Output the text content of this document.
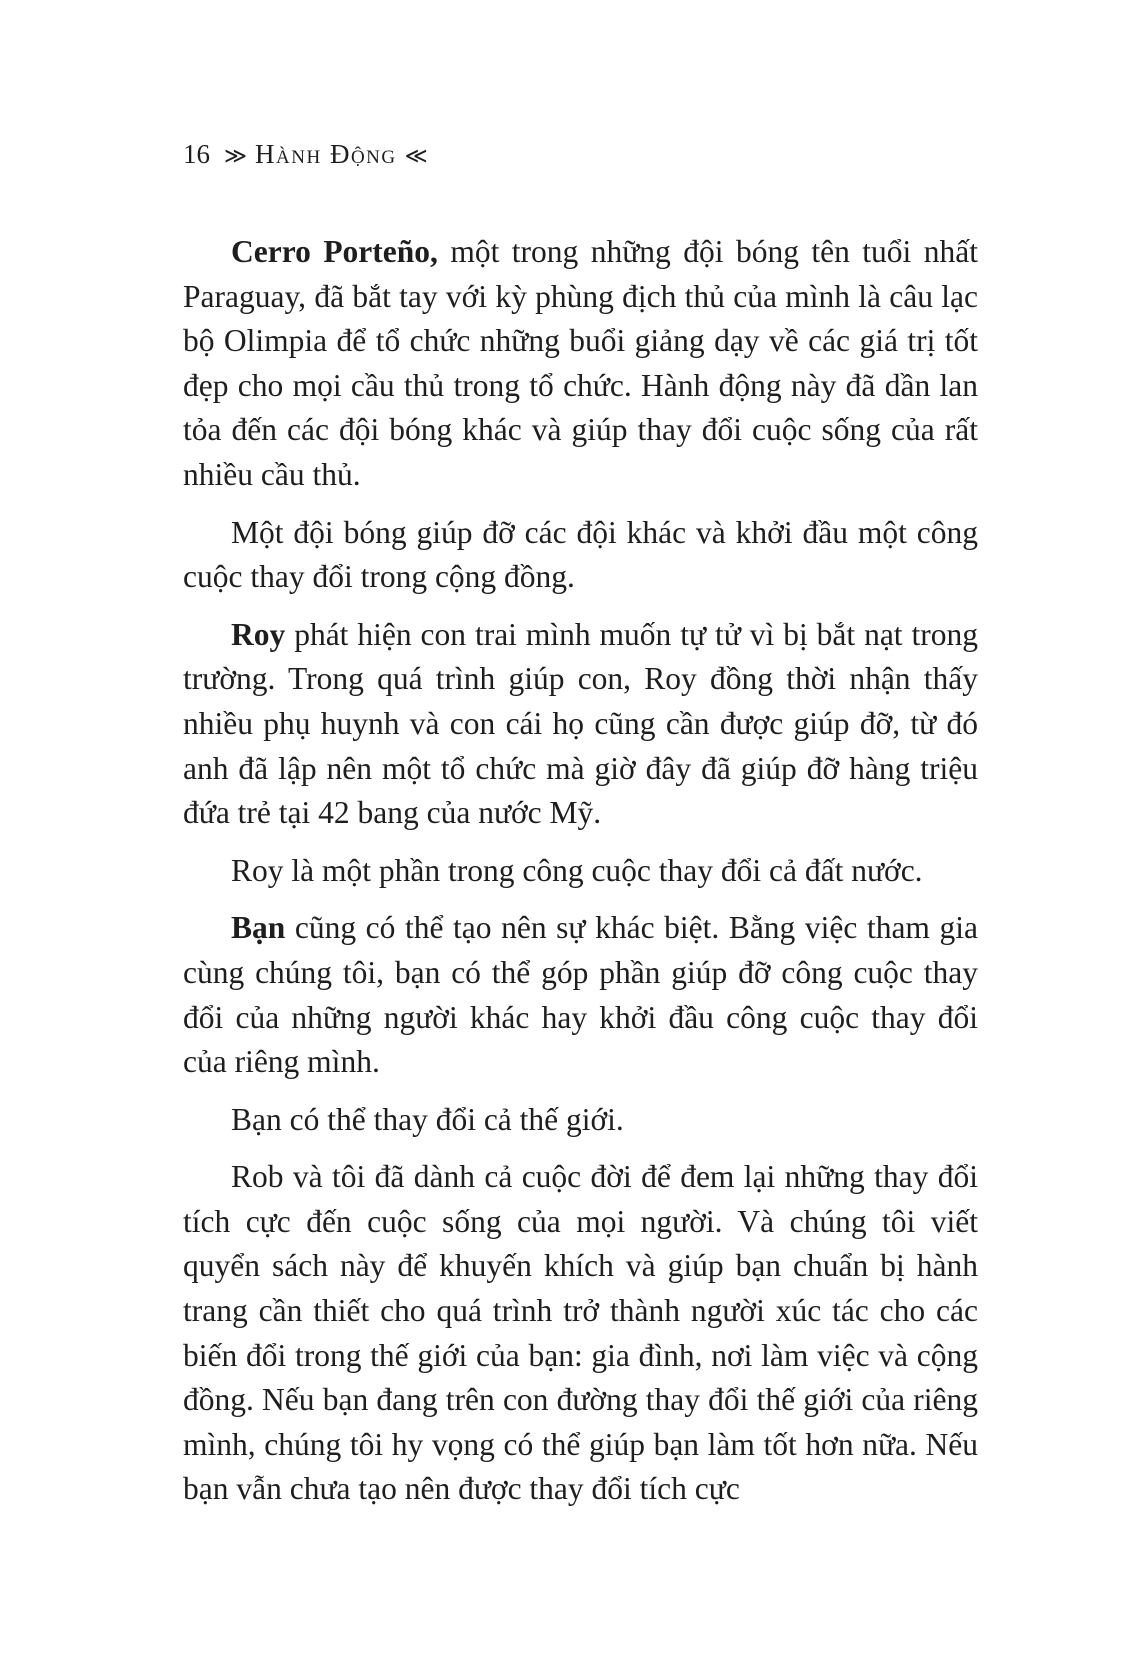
16 ≫ Hành Động ≪

Cerro Porteño, một trong những đội bóng tên tuổi nhất Paraguay, đã bắt tay với kỳ phùng địch thủ của mình là câu lạc bộ Olimpia để tổ chức những buổi giảng dạy về các giá trị tốt đẹp cho mọi cầu thủ trong tổ chức. Hành động này đã dần lan tỏa đến các đội bóng khác và giúp thay đổi cuộc sống của rất nhiều cầu thủ.

Một đội bóng giúp đỡ các đội khác và khởi đầu một công cuộc thay đổi trong cộng đồng.

Roy phát hiện con trai mình muốn tự tử vì bị bắt nạt trong trường. Trong quá trình giúp con, Roy đồng thời nhận thấy nhiều phụ huynh và con cái họ cũng cần được giúp đỡ, từ đó anh đã lập nên một tổ chức mà giờ đây đã giúp đỡ hàng triệu đứa trẻ tại 42 bang của nước Mỹ.

Roy là một phần trong công cuộc thay đổi cả đất nước.

Bạn cũng có thể tạo nên sự khác biệt. Bằng việc tham gia cùng chúng tôi, bạn có thể góp phần giúp đỡ công cuộc thay đổi của những người khác hay khởi đầu công cuộc thay đổi của riêng mình.

Bạn có thể thay đổi cả thế giới.

Rob và tôi đã dành cả cuộc đời để đem lại những thay đổi tích cực đến cuộc sống của mọi người. Và chúng tôi viết quyển sách này để khuyến khích và giúp bạn chuẩn bị hành trang cần thiết cho quá trình trở thành người xúc tác cho các biến đổi trong thế giới của bạn: gia đình, nơi làm việc và cộng đồng. Nếu bạn đang trên con đường thay đổi thế giới của riêng mình, chúng tôi hy vọng có thể giúp bạn làm tốt hơn nữa. Nếu bạn vẫn chưa tạo nên được thay đổi tích cực
